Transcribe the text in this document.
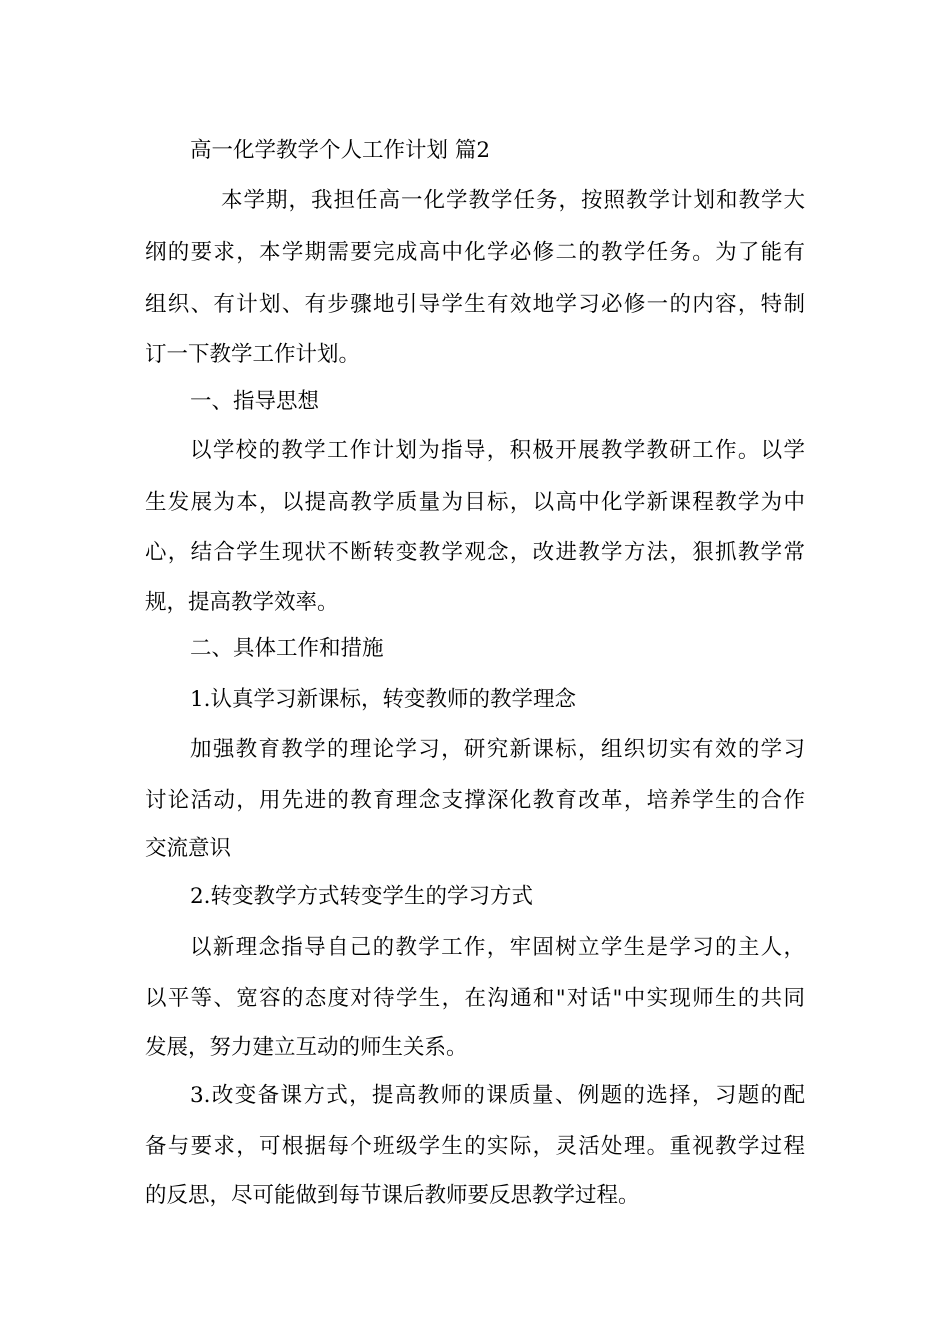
高一化学教学个人工作计划 篇2
本学期，我担任高一化学教学任务，按照教学计划和教学大
纲的要求，本学期需要完成高中化学必修二的教学任务。为了能有
组织、有计划、有步骤地引导学生有效地学习必修一的内容，特制
订一下教学工作计划。
一、指导思想
以学校的教学工作计划为指导，积极开展教学教研工作。以学
生发展为本，以提高教学质量为目标，以高中化学新课程教学为中
心，结合学生现状不断转变教学观念，改进教学方法，狠抓教学常
规，提高教学效率。
二、具体工作和措施
1.认真学习新课标，转变教师的教学理念
加强教育教学的理论学习，研究新课标，组织切实有效的学习
讨论活动，用先进的教育理念支撑深化教育改革，培养学生的合作
交流意识
2.转变教学方式转变学生的学习方式
以新理念指导自己的教学工作，牢固树立学生是学习的主人，
以平等、宽容的态度对待学生，在沟通和"对话"中实现师生的共同
发展，努力建立互动的师生关系。
3.改变备课方式，提高教师的课质量、例题的选择，习题的配
备与要求，可根据每个班级学生的实际，灵活处理。重视教学过程
的反思，尽可能做到每节课后教师要反思教学过程。
